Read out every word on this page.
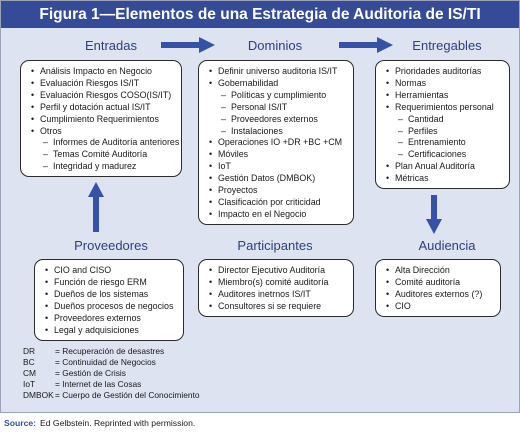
Figura 1—Elementos de una Estrategia de Auditoria de IS/TI
Entradas	Dominios	Entregables
Proveedores	Participantes	Audiencia
• Análisis Impacto en Negocio
• Evaluación Riesgos IS/IT
• Evaluación Riesgos COSO(IS/IT)
• Perfil y dotación actual IS/IT
• Cumplimiento Requerimientos
• Otros
– Informes de Auditoría anteriores
– Temas Comité Auditoría
– Integridad y madurez
• Definir universo auditoria IS/IT
• Gobernabilidad
– Políticas y cumplimiento
– Personal IS/IT
– Proveedores externos
– Instalaciones
• Operaciones IO +DR +BC +CM
• Móviles
• IoT
• Gestión Datos (DMBOK)
• Proyectos
• Clasificación por criticidad
• Impacto en el Negocio
• Prioridades auditorías
• Normas
• Herramientas
• Requerimientos personal
– Cantidad
– Perfiles
– Entrenamiento
– Certificaciones
• Plan Anual Auditoría
• Métricas
• CIO and CISO
• Función de riesgo ERM
• Dueños de los sistemas
• Dueños procesos de negocios
• Proveedores externos
• Legal y adquisiciones
• Director Ejecutivo Auditoría
• Miembro(s) comité auditoría
• Auditores inetrnos IS/IT
• Consultores si se requiere
• Alta Dirección
• Comité auditoría
• Auditores externos (?)
• CIO
DR = Recuperación de desastres
BC = Continuidad de Negocios
CM = Gestión de Crisis
IoT = Internet de las Cosas
DMBOK= Cuerpo de Gestión del Conocimiento
Source: Ed Gelbstein. Reprinted with permission.
